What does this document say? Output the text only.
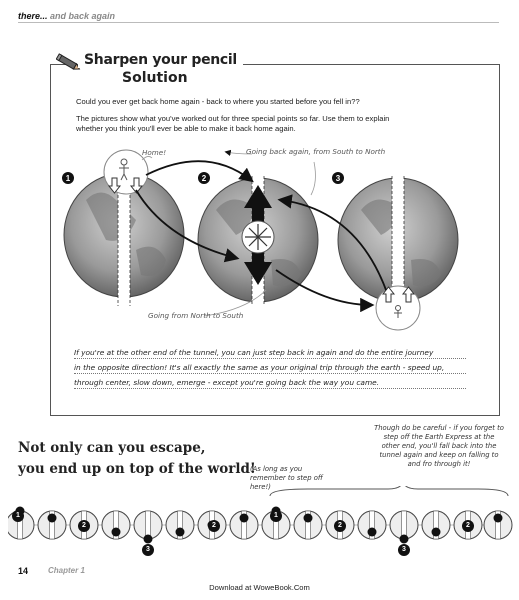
there... and back again
Sharpen your pencil
Solution
Could you ever get back home again - back to where you started before you fell in??
The pictures show what you've worked out for three special points so far. Use them to explain
whether you think you'll ever be able to make it back home again.
1	2	3
Home!	Going back again, from South to North
Going from North to South
If you're at the other end of the tunnel, you can just step back in again and do the entire journey
in the opposite direction! It's all exactly the same as your original trip through the earth - speed up,
through center, slow down, emerge - except you're going back the way you came.
Not only can you escape,
you end up on top of the world!
(As long as you remember to step off here!)
Though do be careful - if you forget to step off the Earth Express at the other end, you'll fall back into the tunnel again and keep on falling to and fro through it!
1
2
3
2
1
2
3
2
14 Chapter 1
Download at WoweBook.Com
